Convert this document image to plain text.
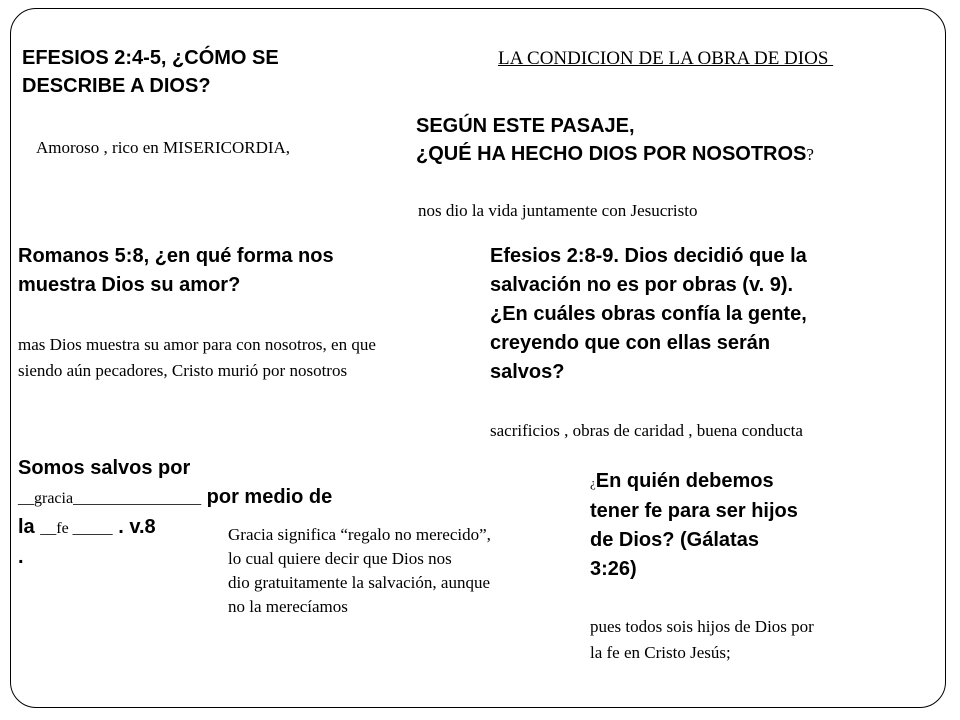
EFESIOS 2:4-5, ¿CÓMO SE
DESCRIBE A DIOS?
Amoroso , rico en MISERICORDIA,
LA CONDICION DE LA OBRA DE DIOS
SEGÚN ESTE PASAJE,
¿QUÉ HA HECHO DIOS POR NOSOTROS?
nos dio la vida juntamente con Jesucristo
Romanos 5:8, ¿en qué forma nos
muestra Dios su amor?
mas Dios muestra su amor para con nosotros, en que
siendo aún pecadores, Cristo murió por nosotros
Efesios 2:8-9. Dios decidió que la
salvación no es por obras (v. 9).
¿En cuáles obras confía la gente,
creyendo que con ellas serán
salvos?
sacrificios , obras de caridad , buena conducta
Somos salvos por
__gracia________________ por medio de
la __fe _____ . v.8
.
Gracia significa “regalo no merecido”,
lo cual quiere decir que Dios nos
dio gratuitamente la salvación, aunque
no la merecíamos
¿En quién debemos
tener fe para ser hijos
de Dios? (Gálatas
3:26)
pues todos sois hijos de Dios por
la fe en Cristo Jesús;
